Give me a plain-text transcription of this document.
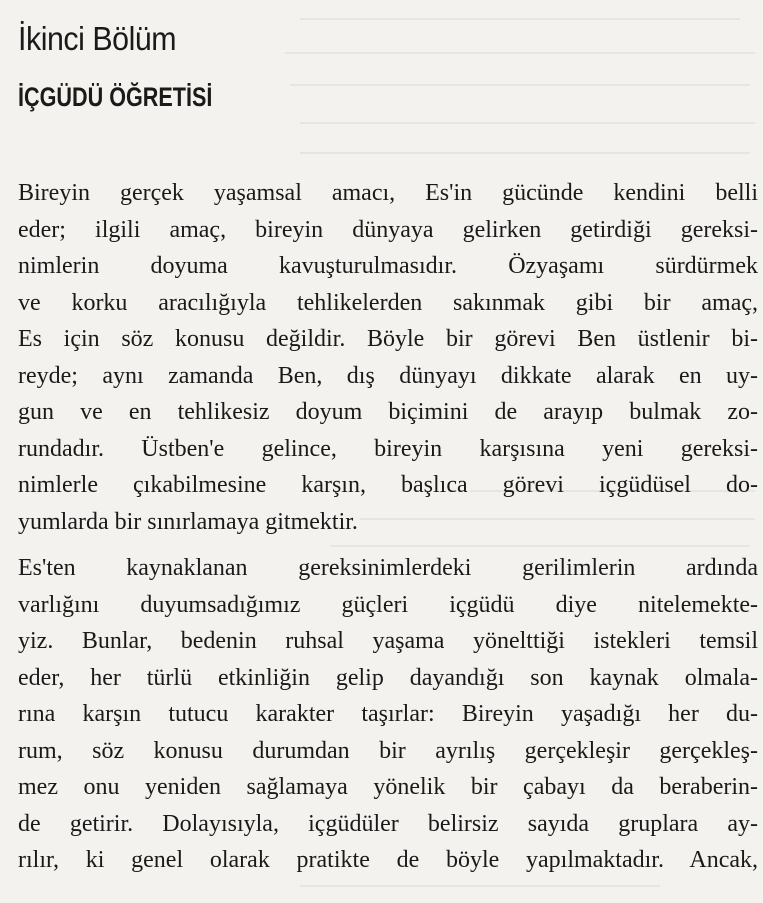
İkinci Bölüm
İÇGÜDÜ ÖĞRETİSİ
Bireyin gerçek yaşamsal amacı, Es'in gücünde kendini belli
eder; ilgili amaç, bireyin dünyaya gelirken getirdiği gereksi-
nimlerin doyuma kavuşturulmasıdır. Özyaşamı sürdürmek
ve korku aracılığıyla tehlikelerden sakınmak gibi bir amaç,
Es için söz konusu değildir. Böyle bir görevi Ben üstlenir bi-
reyde; aynı zamanda Ben, dış dünyayı dikkate alarak en uy-
gun ve en tehlikesiz doyum biçimini de arayıp bulmak zo-
rundadır. Üstben'e gelince, bireyin karşısına yeni gereksi-
nimlerle çıkabilmesine karşın, başlıca görevi içgüdüsel do-
yumlarda bir sınırlamaya gitmektir.
Es'ten kaynaklanan gereksinimlerdeki gerilimlerin ardında
varlığını duyumsadığımız güçleri içgüdü diye nitelemekte-
yiz. Bunlar, bedenin ruhsal yaşama yönelttiği istekleri temsil
eder, her türlü etkinliğin gelip dayandığı son kaynak olmala-
rına karşın tutucu karakter taşırlar: Bireyin yaşadığı her du-
rum, söz konusu durumdan bir ayrılış gerçekleşir gerçekleş-
mez onu yeniden sağlamaya yönelik bir çabayı da beraberin-
de getirir. Dolayısıyla, içgüdüler belirsiz sayıda gruplara ay-
rılır, ki genel olarak pratikte de böyle yapılmaktadır. Ancak,
